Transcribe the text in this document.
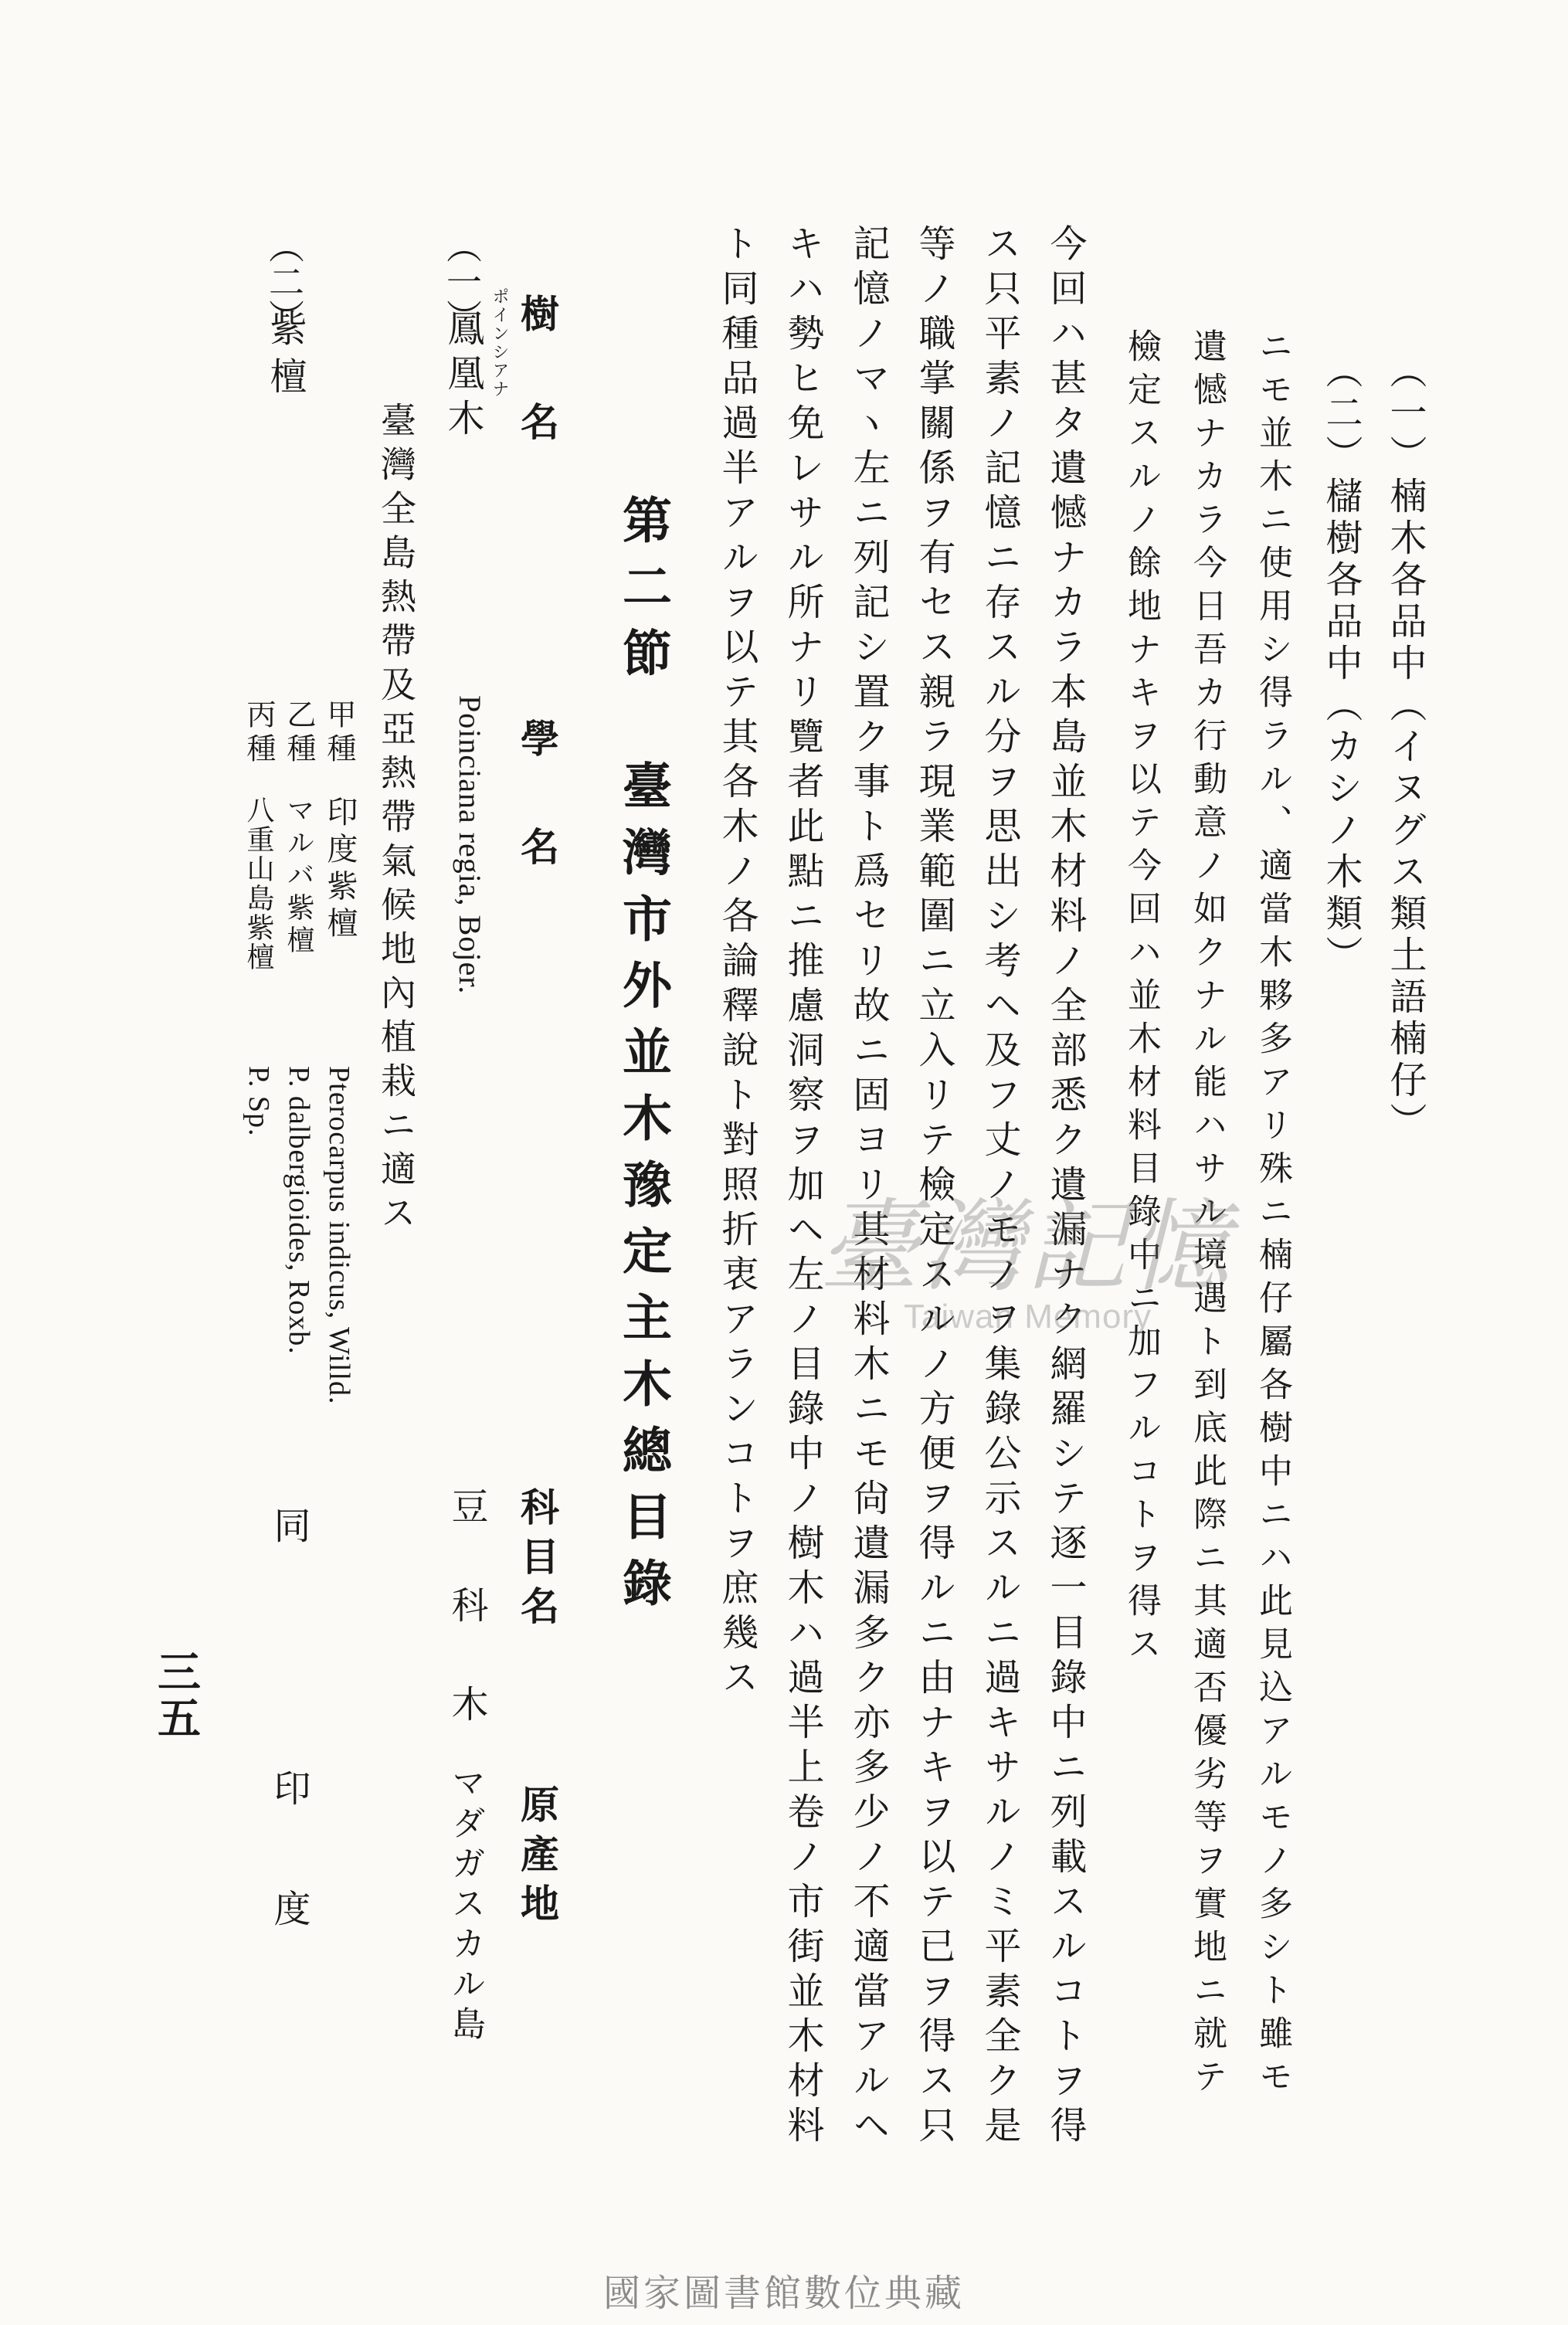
（一）楠木各品中（イヌグス類土語楠仔）
（二）櫧樹各品中（カシノ木類）
ニモ並木ニ使用シ得ラル、適當木夥多アリ殊ニ楠仔屬各樹中ニハ此見込アルモノ多シト雖モ
遺憾ナカラ今日吾カ行動意ノ如クナル能ハサル境遇ト到底此際ニ其適否優劣等ヲ實地ニ就テ
檢定スルノ餘地ナキヲ以テ今回ハ並木材料目錄中ニ加フルコトヲ得ス
今回ハ甚タ遺憾ナカラ本島並木材料ノ全部悉ク遺漏ナク網羅シテ逐一目錄中ニ列載スルコトヲ得
ス只平素ノ記憶ニ存スル分ヲ思出シ考ヘ及フ丈ノモノヲ集錄公示スルニ過キサルノミ平素全ク是
等ノ職掌關係ヲ有セス親ラ現業範圍ニ立入リテ檢定スルノ方便ヲ得ルニ由ナキヲ以テ已ヲ得ス只
記憶ノマヽ左ニ列記シ置ク事ト爲セリ故ニ固ヨリ其材料木ニモ尙遺漏多ク亦多少ノ不適當アルヘ
キハ勢ヒ免レサル所ナリ覽者此點ニ推慮洞察ヲ加ヘ左ノ目錄中ノ樹木ハ過半上卷ノ市街並木材料
ト同種品過半アルヲ以テ其各木ノ各論釋說ト對照折衷アランコトヲ庶幾ス
第二節　臺灣市外並木豫定主木總目錄
樹　名
學　名
科目名
原產地
（一）
鳳凰木 ポインシアナ
Poinciana regia, Bojer.
豆　科　木
マダガスカル島
臺灣全島熱帶及亞熱帶氣候地內植栽ニ適ス
（二）
紫檀
甲種
印度紫檀
Pterocarpus indicus, Willd.
乙種
マルバ紫檀
P. dalbergioides, Roxb.
丙種
八重山島紫檀
P. Sp.
同
印　度
三五
臺灣記憶
Taiwan Memory
國家圖書館數位典藏
